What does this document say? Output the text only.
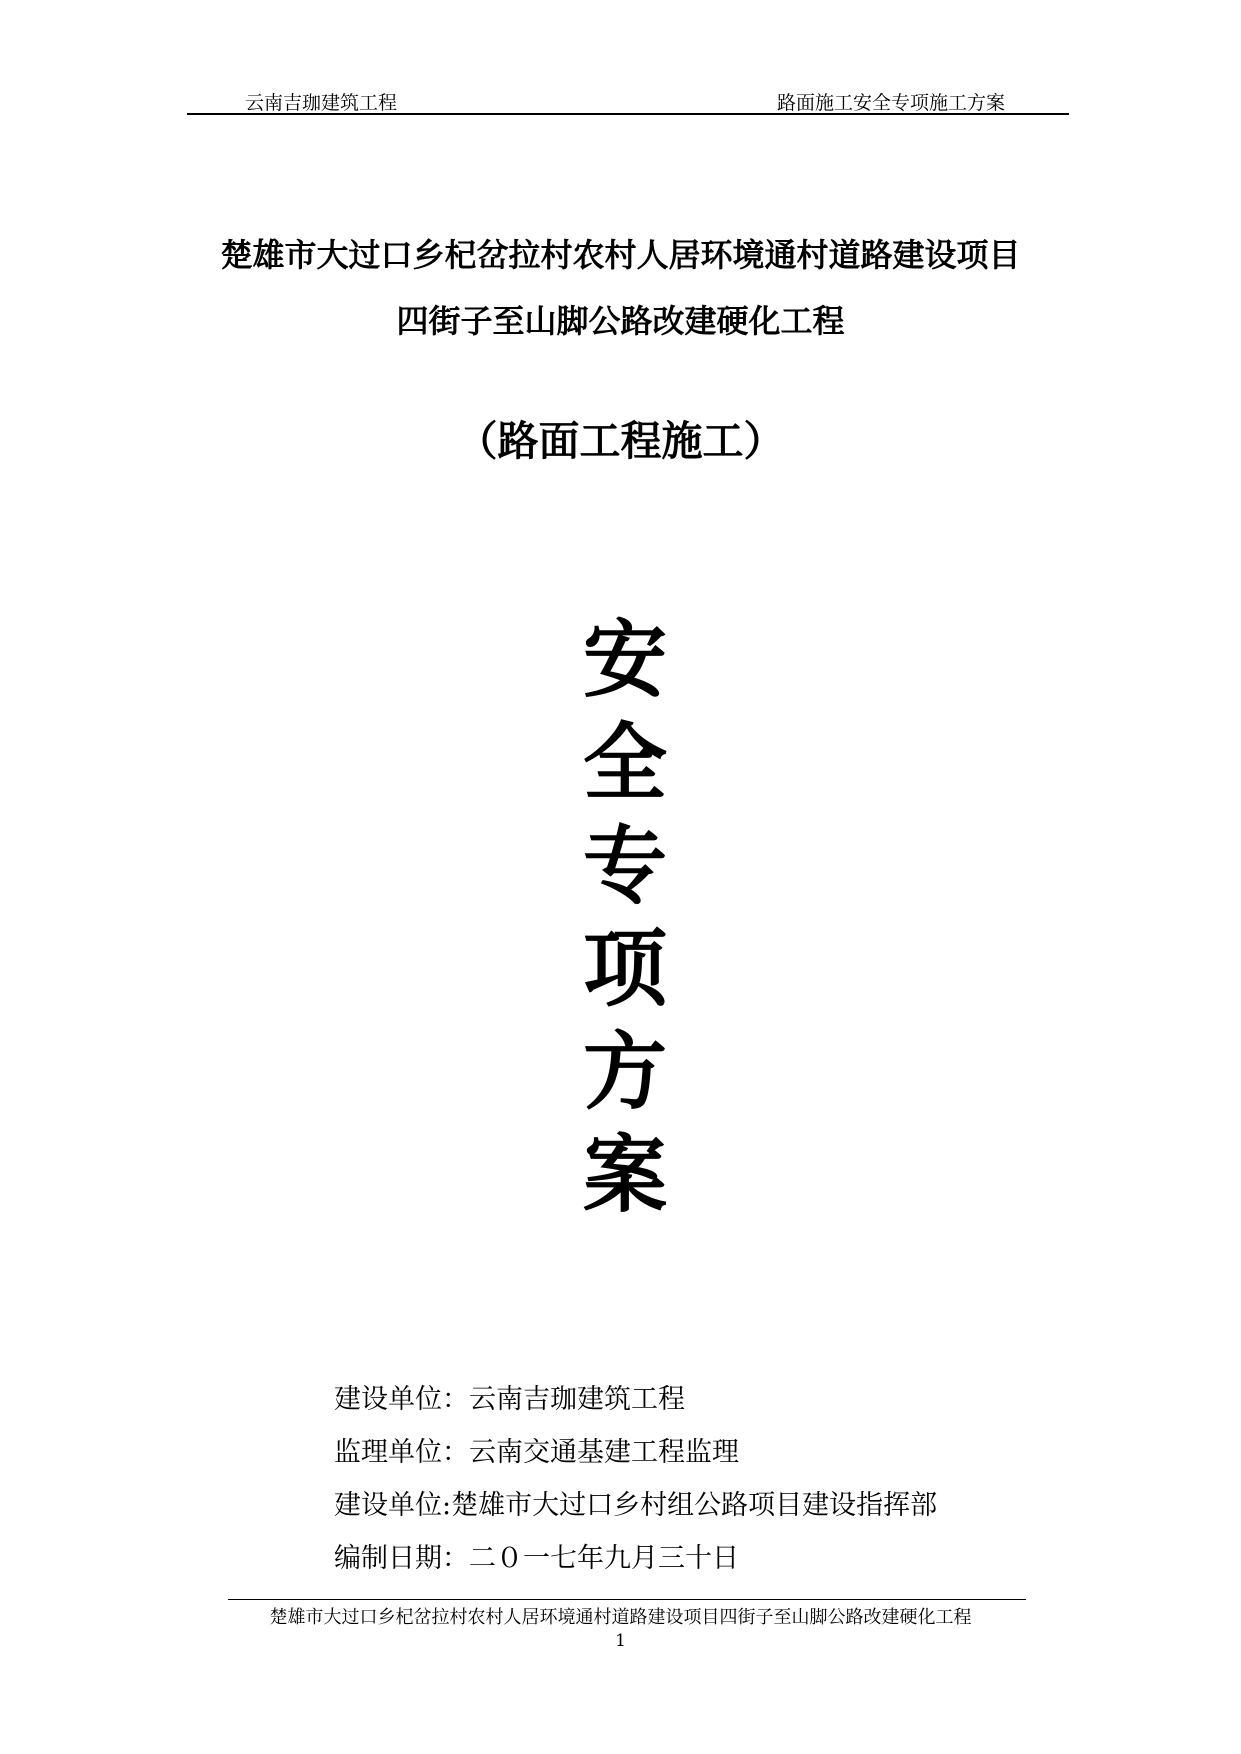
云南吉珈建筑工程	路面施工安全专项施工方案
楚雄市大过口乡杞岔拉村农村人居环境通村道路建设项目
四街子至山脚公路改建硬化工程
（路面工程施工）
安
全
专
项
方
案
建设单位：云南吉珈建筑工程
监理单位：云南交通基建工程监理
建设单位:楚雄市大过口乡村组公路项目建设指挥部
编制日期：二０一七年九月三十日
楚雄市大过口乡杞岔拉村农村人居环境通村道路建设项目四街子至山脚公路改建硬化工程
1
